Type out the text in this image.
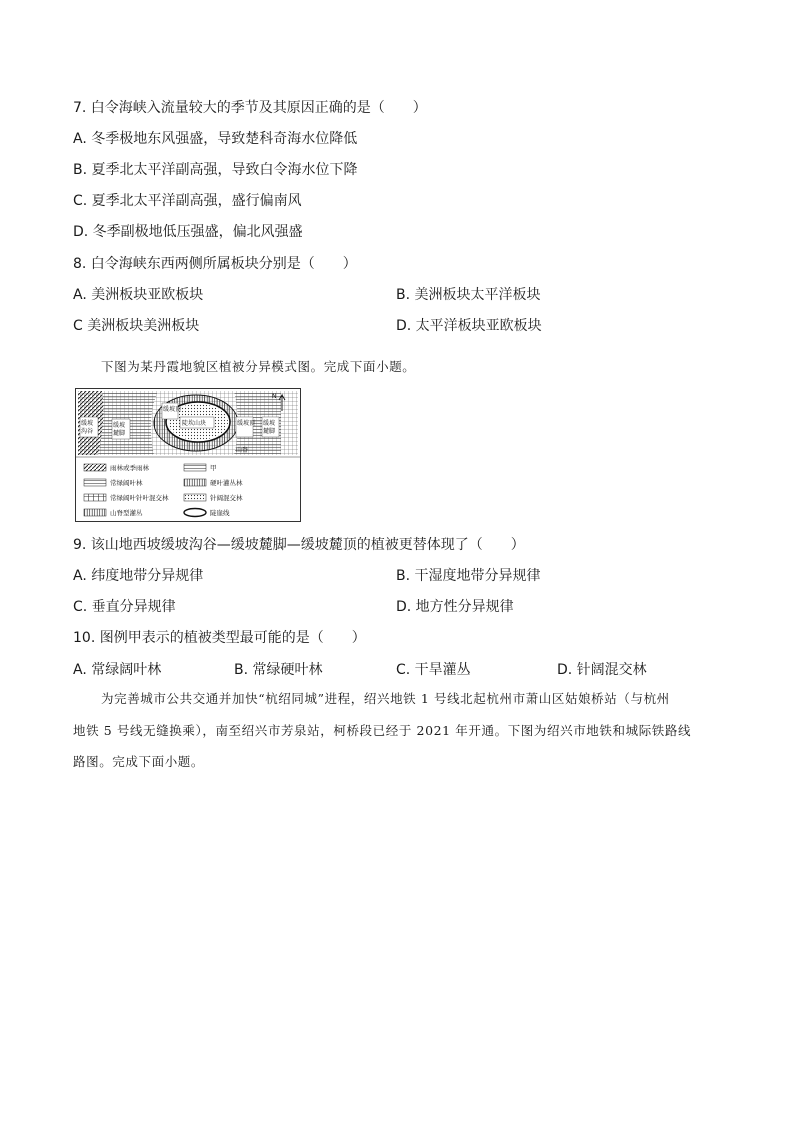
7. 白令海峡入流量较大的季节及其原因正确的是（　　）
A. 冬季极地东风强盛，导致楚科奇海水位降低
B. 夏季北太平洋副高强，导致白令海水位下降
C. 夏季北太平洋副高强，盛行偏南风
D. 冬季副极地低压强盛，偏北风强盛
8. 白令海峡东西两侧所属板块分别是（　　）
A. 美洲板块亚欧板块	B. 美洲板块太平洋板块
C 美洲板块美洲板块	D. 太平洋板块亚欧板块
下图为某丹霞地貌区植被分异模式图。完成下面小题。
缓坡沟谷
缓坡麓脚
缓坡顶
陡坎山块	缓坡顶 缓坡麓脚
山脊
N
雨林或季雨林
常绿阔叶林
常绿阔叶针叶混交林
山脊型灌丛
甲
硬叶灌丛林
针阔混交林
陡崖线
9. 该山地西坡缓坡沟谷—缓坡麓脚—缓坡麓顶的植被更替体现了（　　）
A. 纬度地带分异规律	B. 干湿度地带分异规律
C. 垂直分异规律	D. 地方性分异规律
10. 图例甲表示的植被类型最可能的是（　　）
A. 常绿阔叶林	B. 常绿硬叶林	C. 干旱灌丛	D. 针阔混交林
为完善城市公共交通并加快“杭绍同城”进程，绍兴地铁 1 号线北起杭州市萧山区姑娘桥站（与杭州
地铁 5 号线无缝换乘），南至绍兴市芳泉站，柯桥段已经于 2021 年开通。下图为绍兴市地铁和城际铁路线
路图。完成下面小题。
